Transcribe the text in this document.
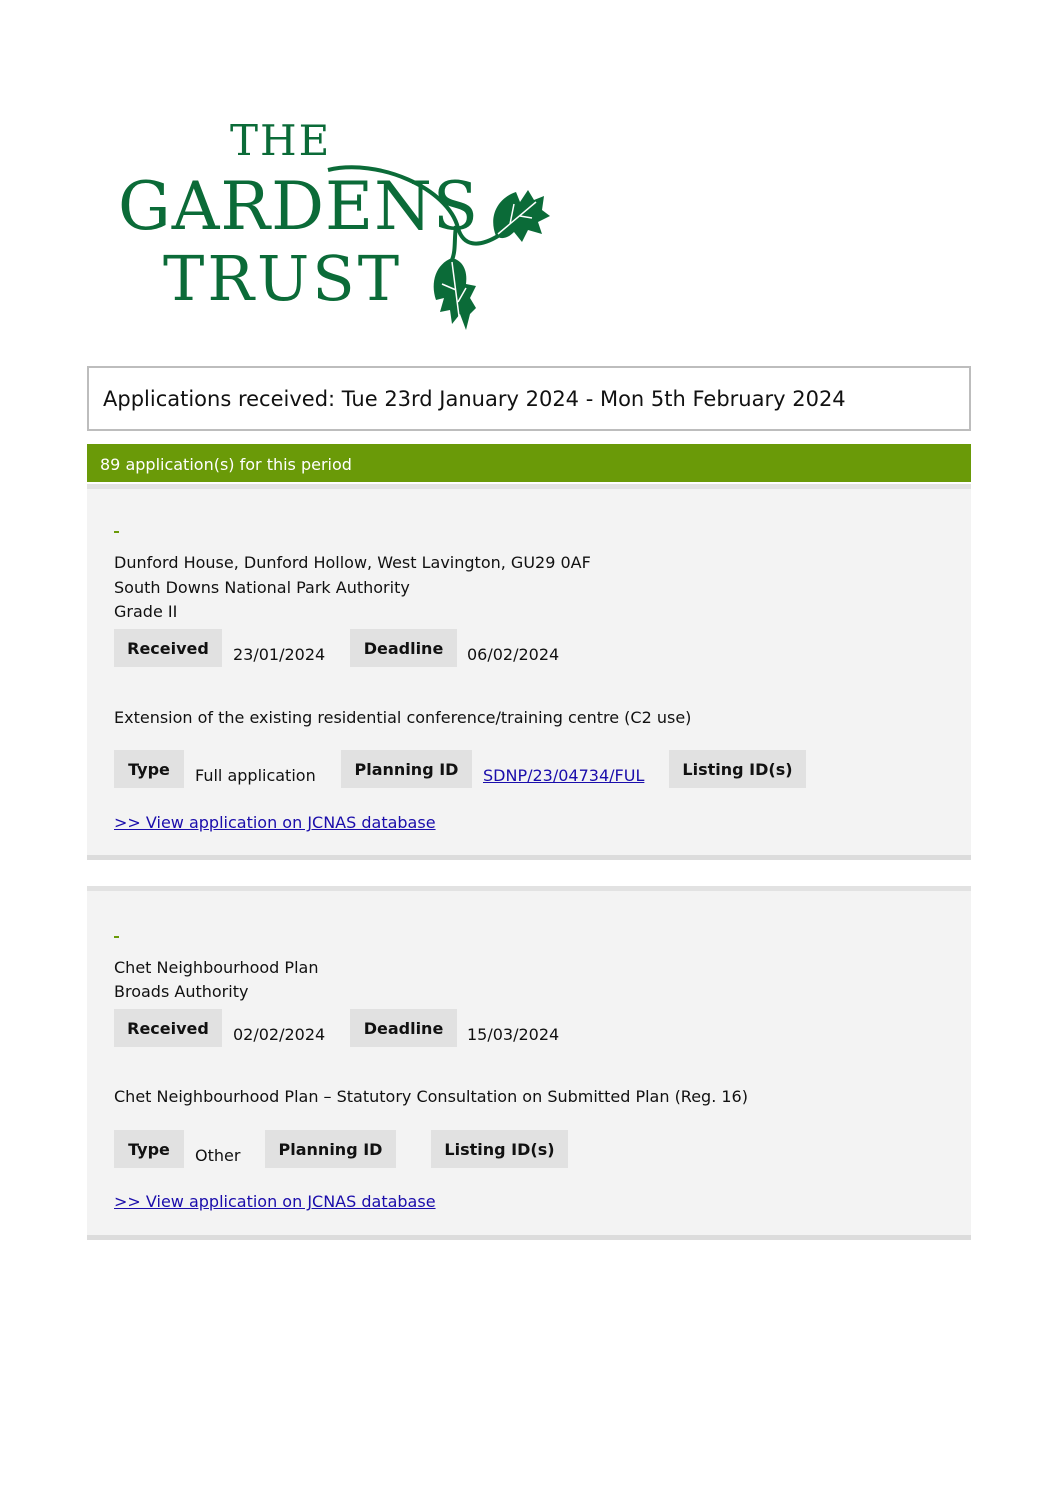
THE
GARDENS
TRUST
Applications received: Tue 23rd January 2024 - Mon 5th February 2024
89 application(s) for this period
Dunford House, Dunford Hollow, West Lavington, GU29 0AF
South Downs National Park Authority
Grade II
Received	23/01/2024	Deadline	06/02/2024
Extension of the existing residential conference/training centre (C2 use)
Type	Full application	Planning ID	SDNP/23/04734/FUL	Listing ID(s)
>> View application on JCNAS database
Chet Neighbourhood Plan
Broads Authority
Received	02/02/2024	Deadline	15/03/2024
Chet Neighbourhood Plan – Statutory Consultation on Submitted Plan (Reg. 16)
Type	Other	Planning ID	Listing ID(s)
>> View application on JCNAS database
